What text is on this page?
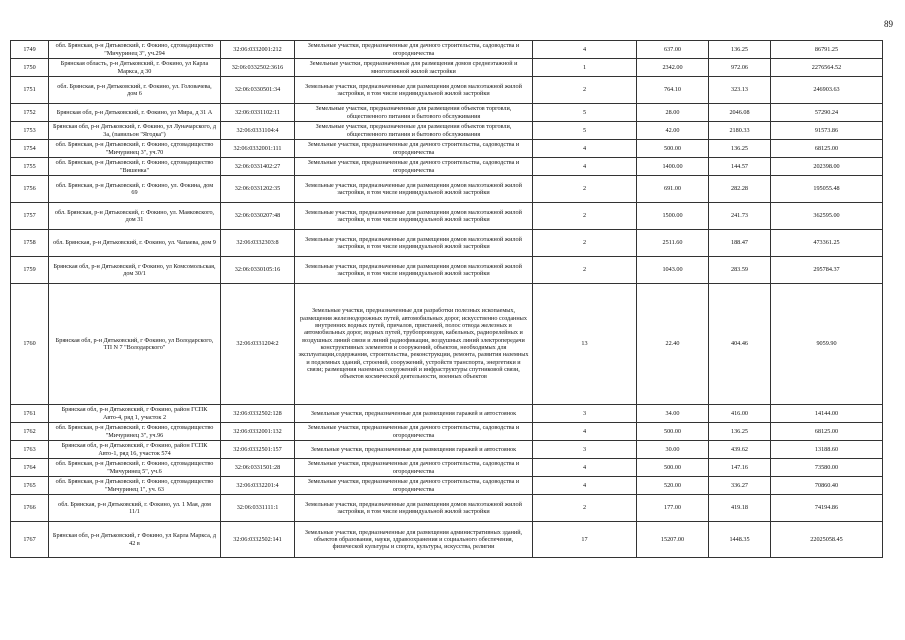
89
1749	обл. Брянская, р-н Дятьковский, г. Фокино, сдтовадищество "Мичуринец 3", уч.294	32:06:0332001:212	Земельные участки, предназначенные для дачного строительства, садоводства и огородничества	4	637.00	136.25	86791.25
1750	Брянская область, р-н Дятьковский, г. Фокино, ул Карла Маркса, д 30	32:06:0332502:3616	Земельные участки, предназначенные для размещения домов среднеэтажной и многоэтажной жилой застройки	1	2342.00	972.06	2276564.52
1751	обл. Брянская, р-н Дятьковский, г. Фокино, ул. Головачева, дом 6	32:06:0330501:34	Земельные участки, предназначенные для размещения домов малоэтажной жилой застройки, в том числе индивидуальной жилой застройки	2	764.10	323.13	246903.63
1752	Брянская обл, р-н Дятьковский, г. Фокино, ул Мира, д 31 А	32:06:0331102:11	Земельные участки, предназначенные для размещения объектов торговли, общественного питания и бытового обслуживания	5	28.00	2046.08	57290.24
1753	Брянская обл, р-н Дятьковский, г. Фокино, ул Луначарского, д 3а, (павильон "Ягодка")	32:06:0331104:4	Земельные участки, предназначенные для размещения объектов торговли, общественного питания и бытового обслуживания	5	42.00	2180.33	91573.86
1754	обл. Брянская, р-н Дятьковский, г. Фокино, сдтовадищество "Мичуринец 3", уч.70	32:06:0332001:111	Земельные участки, предназначенные для дачного строительства, садоводства и огородничества	4	500.00	136.25	68125.00
1755	обл. Брянская, р-н Дятьковский, г. Фокино, сдтовадищество "Вишенка"	32:06:0331402:27	Земельные участки, предназначенные для дачного строительства, садоводства и огородничества	4	1400.00	144.57	202398.00
1756	обл. Брянская, р-н Дятьковский, г. Фокино, ул. Фокина, дом 69	32:06:0331202:35	Земельные участки, предназначенные для размещения домов малоэтажной жилой застройки, в том числе индивидуальной жилой застройки	2	691.00	282.28	195055.48
1757	обл. Брянская, р-н Дятьковский, г. Фокино, ул. Маяковского, дом 31	32:06:0330207:48	Земельные участки, предназначенные для размещения домов малоэтажной жилой застройки, в том числе индивидуальной жилой застройки	2	1500.00	241.73	362595.00
1758	обл. Брянская, р-н Дятьковский, г. Фокино, ул. Чапаева, дом 9	32:06:0332303:8	Земельные участки, предназначенные для размещения домов малоэтажной жилой застройки, в том числе индивидуальной жилой застройки	2	2511.60	188.47	473361.25
1759	Брянская обл, р-н Дятьковский, г Фокино, ул Комсомольская, дом 30/1	32:06:0330105:16	Земельные участки, предназначенные для размещения домов малоэтажной жилой застройки, в том числе индивидуальной жилой застройки	2	1043.00	283.59	295784.37
1760	Брянская обл, р-н Дятьковский, г Фокино, ул Володарского, ТП N 7 "Володарского"	32:06:0331204:2	Земельные участки, предназначенные для разработки полезных ископаемых, размещения железнодорожных путей, автомобильных дорог, искусственно созданных внутренних водных путей, причалов, пристаней, полос отвода железных и автомобильных дорог, водных путей, трубопроводов, кабельных, радиорелейных и воздушных линий связи и линий радиофикации, воздушных линий электропередачи конструктивных элементов и сооружений, объектов, необходимых для эксплуатации,содержания, строительства, реконструкции, ремонта, развития наземных и подземных зданий, строений, сооружений, устройств транспорта, энергетики и связи; размещения наземных сооружений и инфраструктуры спутниковой связи, объектов космической деятельности, военных объектов	13	22.40	404.46	9059.90
1761	Брянская обл, р-н Дятьковский, г Фокино, район ГСПК Авто-4, ряд 1, участок 2	32:06:0332502:128	Земельные участки, предназначенные для размещения гаражей и автостоянок	3	34.00	416.00	14144.00
1762	обл. Брянская, р-н Дятьковский, г. Фокино, сдтовадищество "Мичуринец 3", уч.96	32:06:0332001:132	Земельные участки, предназначенные для дачного строительства, садоводства и огородничества	4	500.00	136.25	68125.00
1763	Брянская обл, р-н Дятьковский, г Фокино, район ГСПК Авто-1, ряд 16, участок 574	32:06:0332501:157	Земельные участки, предназначенные для размещения гаражей и автостоянок	3	30.00	439.62	13188.60
1764	обл. Брянская, р-н Дятьковский, г. Фокино, сдтовадищество "Мичуринец 5", уч.6	32:06:0331501:28	Земельные участки, предназначенные для дачного строительства, садоводства и огородничества	4	500.00	147.16	73580.00
1765	обл. Брянская, р-н Дятьковский, г. Фокино, сдтовадищество "Мичуринец 1", уч. 63	32:06:0332201:4	Земельные участки, предназначенные для дачного строительства, садоводства и огородничества	4	520.00	336.27	70860.40
1766	обл. Брянская, р-н Дятьковский, г. Фокино, ул. 1 Мая, дом 11/1	32:06:0331111:1	Земельные участки, предназначенные для размещения домов малоэтажной жилой застройки, в том числе индивидуальной жилой застройки	2	177.00	419.18	74194.86
1767	Брянская обл, р-н Дятьковский, г Фокино, ул Карла Маркса, д 42 в	32:06:0332502:141	Земельные участки, предназначенные для размещения административных зданий, объектов образования, науки, здравоохранения и социального обеспечения, физической культуры и спорта, культуры, искусства, религии	17	15207.00	1448.35	22025058.45
